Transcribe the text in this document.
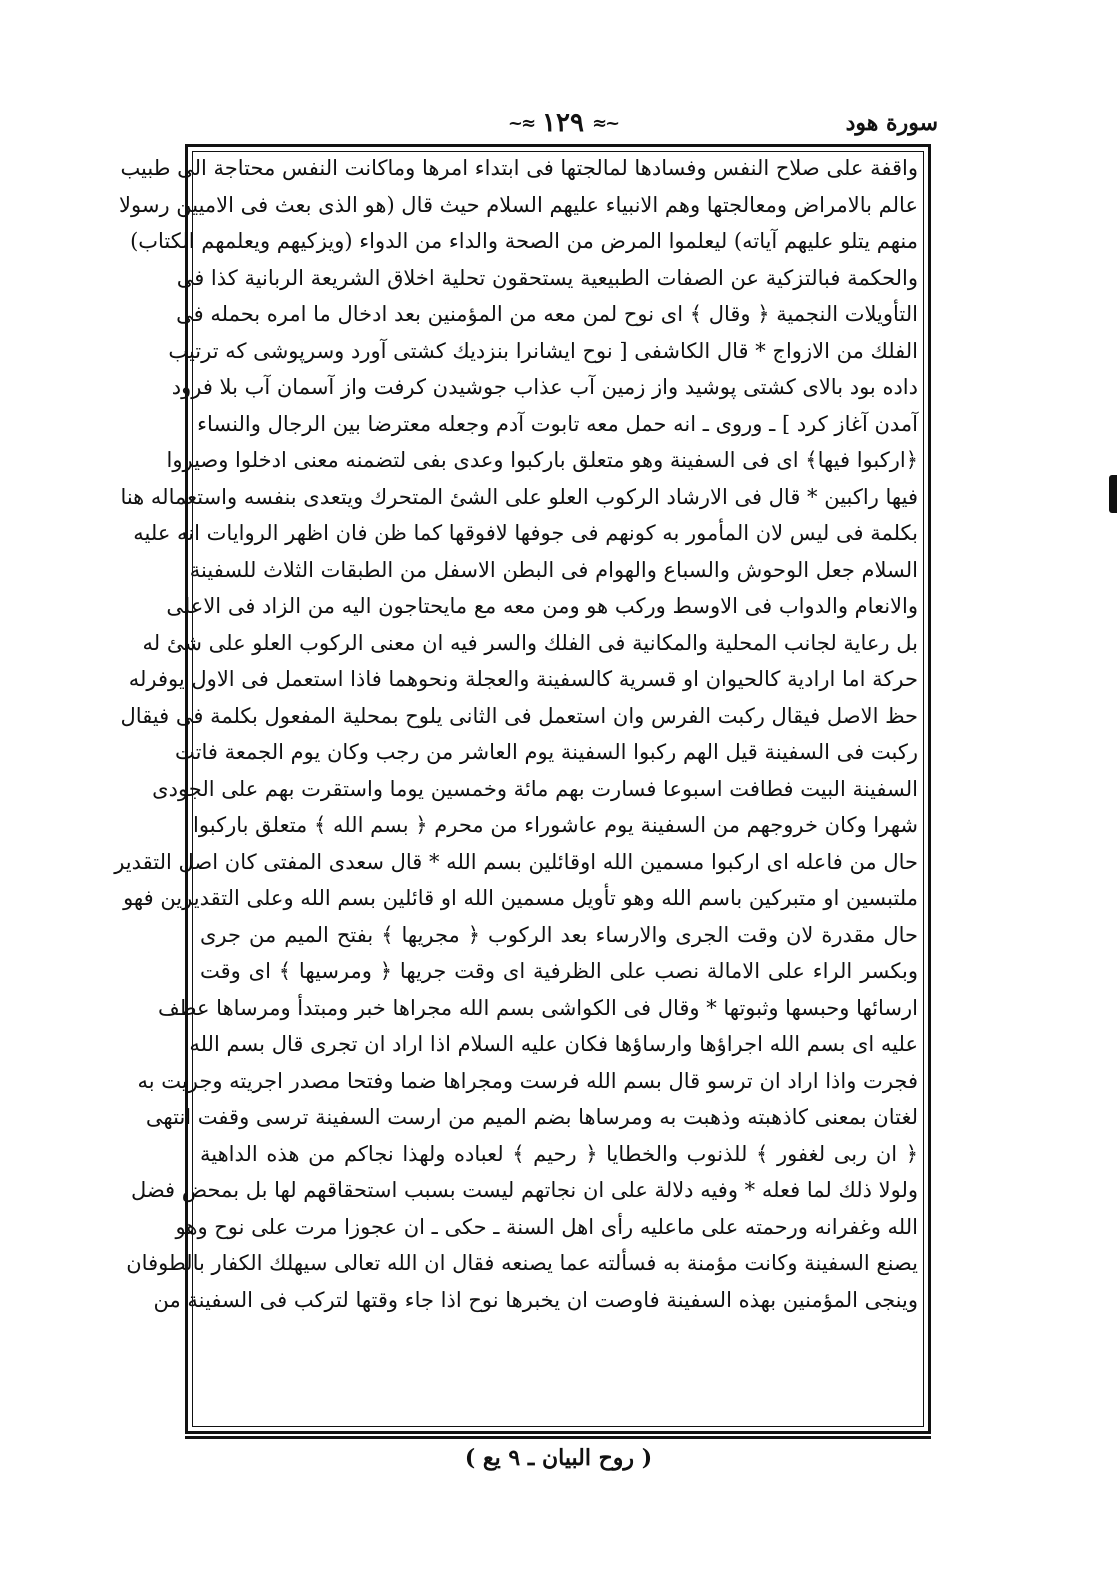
سورة هود
~≈ ١٢٩ ≈~
واقفة على صلاح النفس وفسادها لمالجتها فى ابتداء امرها وماكانت النفس محتاجة الى طبيب
عالم بالامراض ومعالجتها وهم الانبياء عليهم السلام حيث قال (هو الذى بعث فى الاميين رسولا
منهم يتلو عليهم آياته) ليعلموا المرض من الصحة والداء من الدواء (ويزكيهم ويعلمهم الكتاب)
والحكمة فبالتزكية عن الصفات الطبيعية يستحقون تحلية اخلاق الشريعة الربانية كذا فى
التأويلات النجمية ﴿ وقال ﴾ اى نوح لمن معه من المؤمنين بعد ادخال ما امره بحمله فى
الفلك من الازواج * قال الكاشفى [ نوح ايشانرا بنزديك كشتى آورد وسرپوشى كه ترتيب
داده بود بالاى كشتى پوشيد واز زمين آب عذاب جوشيدن كرفت واز آسمان آب بلا فرود
آمدن آغاز كرد ] ـ وروى ـ انه حمل معه تابوت آدم وجعله معترضا بين الرجال والنساء
﴿اركبوا فيها﴾ اى فى السفينة وهو متعلق باركبوا وعدى بفى لتضمنه معنى ادخلوا وصيروا
فيها راكبين * قال فى الارشاد الركوب العلو على الشئ المتحرك ويتعدى بنفسه واستعماله هنا
بكلمة فى ليس لان المأمور به كونهم فى جوفها لافوقها كما ظن فان اظهر الروايات انه عليه
السلام جعل الوحوش والسباع والهوام فى البطن الاسفل من الطبقات الثلاث للسفينة
والانعام والدواب فى الاوسط وركب هو ومن معه مع مايحتاجون اليه من الزاد فى الاعلى
بل رعاية لجانب المحلية والمكانية فى الفلك والسر فيه ان معنى الركوب العلو على شئ له
حركة اما ارادية كالحيوان او قسرية كالسفينة والعجلة ونحوهما فاذا استعمل فى الاول يوفرله
حظ الاصل فيقال ركبت الفرس وان استعمل فى الثانى يلوح بمحلية المفعول بكلمة فى فيقال
ركبت فى السفينة قيل الهم ركبوا السفينة يوم العاشر من رجب وكان يوم الجمعة فاتت
السفينة البيت فطافت اسبوعا فسارت بهم مائة وخمسين يوما واستقرت بهم على الجودى
شهرا وكان خروجهم من السفينة يوم عاشوراء من محرم ﴿ بسم الله ﴾ متعلق باركبوا
حال من فاعله اى اركبوا مسمين الله اوقائلين بسم الله * قال سعدى المفتى كان اصل التقدير
ملتبسين او متبركين باسم الله وهو تأويل مسمين الله او قائلين بسم الله وعلى التقديرين فهو
حال مقدرة لان وقت الجرى والارساء بعد الركوب ﴿ مجريها ﴾ بفتح الميم من جرى
وبكسر الراء على الامالة نصب على الظرفية اى وقت جريها ﴿ ومرسيها ﴾ اى وقت
ارسائها وحبسها وثبوتها * وقال فى الكواشى بسم الله مجراها خبر ومبتدأ ومرساها عطف
عليه اى بسم الله اجراؤها وارساؤها فكان عليه السلام اذا اراد ان تجرى قال بسم الله
فجرت واذا اراد ان ترسو قال بسم الله فرست ومجراها ضما وفتحا مصدر اجريته وجريت به
لغتان بمعنى كاذهبته وذهبت به ومرساها بضم الميم من ارست السفينة ترسى وقفت انتهى
﴿ ان ربى لغفور ﴾ للذنوب والخطايا ﴿ رحيم ﴾ لعباده ولهذا نجاكم من هذه الداهية
ولولا ذلك لما فعله * وفيه دلالة على ان نجاتهم ليست بسبب استحقاقهم لها بل بمحض فضل
الله وغفرانه ورحمته على ماعليه رأى اهل السنة ـ حكى ـ ان عجوزا مرت على نوح وهو
يصنع السفينة وكانت مؤمنة به فسألته عما يصنعه فقال ان الله تعالى سيهلك الكفار بالطوفان
وينجى المؤمنين بهذه السفينة فاوصت ان يخبرها نوح اذا جاء وقتها لتركب فى السفينة من
( روح البيان ـ ٩ يع )
